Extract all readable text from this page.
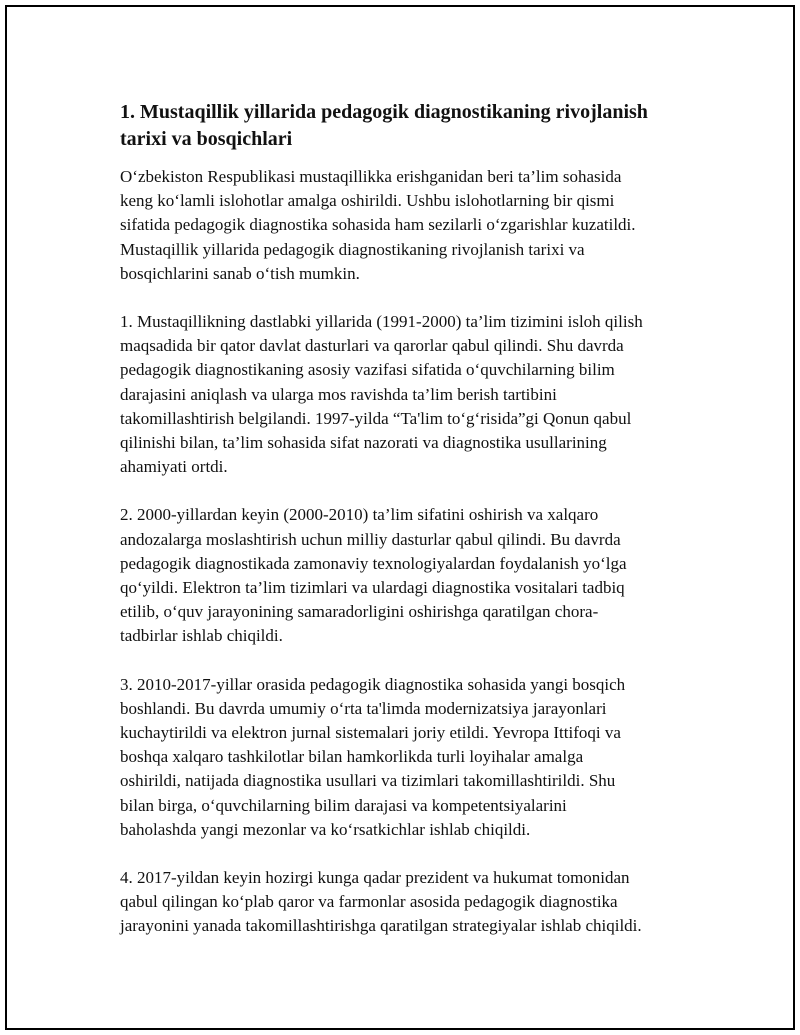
1. Mustaqillik yillarida pedagogik diagnostikaning rivojlanish
tarixi va bosqichlari

O‘zbekiston Respublikasi mustaqillikka erishganidan beri ta’lim sohasida
keng ko‘lamli islohotlar amalga oshirildi. Ushbu islohotlarning bir qismi
sifatida pedagogik diagnostika sohasida ham sezilarli o‘zgarishlar kuzatildi.
Mustaqillik yillarida pedagogik diagnostikaning rivojlanish tarixi va
bosqichlarini sanab o‘tish mumkin.

1. Mustaqillikning dastlabki yillarida (1991-2000) ta’lim tizimini isloh qilish
maqsadida bir qator davlat dasturlari va qarorlar qabul qilindi. Shu davrda
pedagogik diagnostikaning asosiy vazifasi sifatida o‘quvchilarning bilim
darajasini aniqlash va ularga mos ravishda ta’lim berish tartibini
takomillashtirish belgilandi. 1997-yilda “Ta'lim to‘g‘risida”gi Qonun qabul
qilinishi bilan, ta’lim sohasida sifat nazorati va diagnostika usullarining
ahamiyati ortdi.

2. 2000-yillardan keyin (2000-2010) ta’lim sifatini oshirish va xalqaro
andozalarga moslashtirish uchun milliy dasturlar qabul qilindi. Bu davrda
pedagogik diagnostikada zamonaviy texnologiyalardan foydalanish yo‘lga
qo‘yildi. Elektron ta’lim tizimlari va ulardagi diagnostika vositalari tadbiq
etilib, o‘quv jarayonining samaradorligini oshirishga qaratilgan chora-
tadbirlar ishlab chiqildi.

3. 2010-2017-yillar orasida pedagogik diagnostika sohasida yangi bosqich
boshlandi. Bu davrda umumiy o‘rta ta'limda modernizatsiya jarayonlari
kuchaytirildi va elektron jurnal sistemalari joriy etildi. Yevropa Ittifoqi va
boshqa xalqaro tashkilotlar bilan hamkorlikda turli loyihalar amalga
oshirildi, natijada diagnostika usullari va tizimlari takomillashtirildi. Shu
bilan birga, o‘quvchilarning bilim darajasi va kompetentsiyalarini
baholashda yangi mezonlar va ko‘rsatkichlar ishlab chiqildi.

4. 2017-yildan keyin hozirgi kunga qadar prezident va hukumat tomonidan
qabul qilingan ko‘plab qaror va farmonlar asosida pedagogik diagnostika
jarayonini yanada takomillashtirishga qaratilgan strategiyalar ishlab chiqildi.
